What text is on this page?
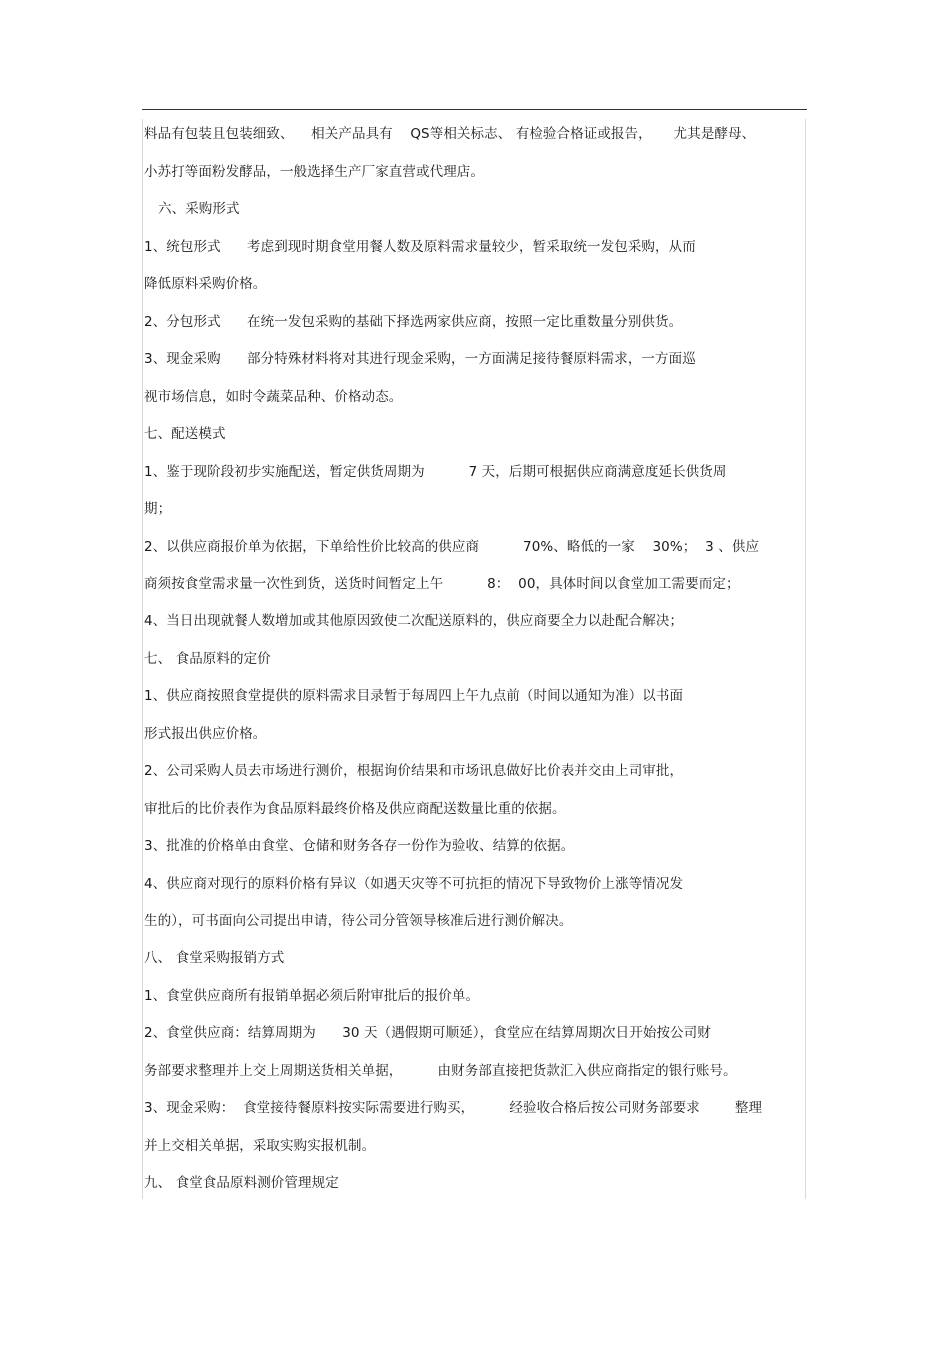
料品有包装且包装细致、    相关产品具有    QS等相关标志、 有检验合格证或报告，     尤其是酵母、
小苏打等面粉发酵品，一般选择生产厂家直营或代理店。
六、采购形式
1、统包形式      考虑到现时期食堂用餐人数及原料需求量较少，暂采取统一发包采购，从而
降低原料采购价格。
2、分包形式      在统一发包采购的基础下择选两家供应商，按照一定比重数量分别供货。
3、现金采购      部分特殊材料将对其进行现金采购，一方面满足接待餐原料需求，一方面巡
视市场信息，如时令蔬菜品种、价格动态。
七、配送模式
1、鉴于现阶段初步实施配送，暂定供货周期为          7 天，后期可根据供应商满意度延长供货周
期；
2、以供应商报价单为依据，下单给性价比较高的供应商          70%、略低的一家    30%；  3 、供应
商须按食堂需求量一次性到货，送货时间暂定上午          8：  00，具体时间以食堂加工需要而定；
4、当日出现就餐人数增加或其他原因致使二次配送原料的，供应商要全力以赴配合解决；
七、 食品原料的定价
1、供应商按照食堂提供的原料需求目录暂于每周四上午九点前（时间以通知为准）以书面
形式报出供应价格。
2、公司采购人员去市场进行测价，根据询价结果和市场讯息做好比价表并交由上司审批，
审批后的比价表作为食品原料最终价格及供应商配送数量比重的依据。
3、批准的价格单由食堂、仓储和财务各存一份作为验收、结算的依据。
4、供应商对现行的原料价格有异议（如遇天灾等不可抗拒的情况下导致物价上涨等情况发
生的），可书面向公司提出申请，待公司分管领导核准后进行测价解决。
八、 食堂采购报销方式
1、食堂供应商所有报销单据必须后附审批后的报价单。
2、食堂供应商：结算周期为      30 天（遇假期可顺延），食堂应在结算周期次日开始按公司财
务部要求整理并上交上周期送货相关单据，        由财务部直接把货款汇入供应商指定的银行账号。
3、现金采购：  食堂接待餐原料按实际需要进行购买，        经验收合格后按公司财务部要求        整理
并上交相关单据，采取实购实报机制。
九、 食堂食品原料测价管理规定
